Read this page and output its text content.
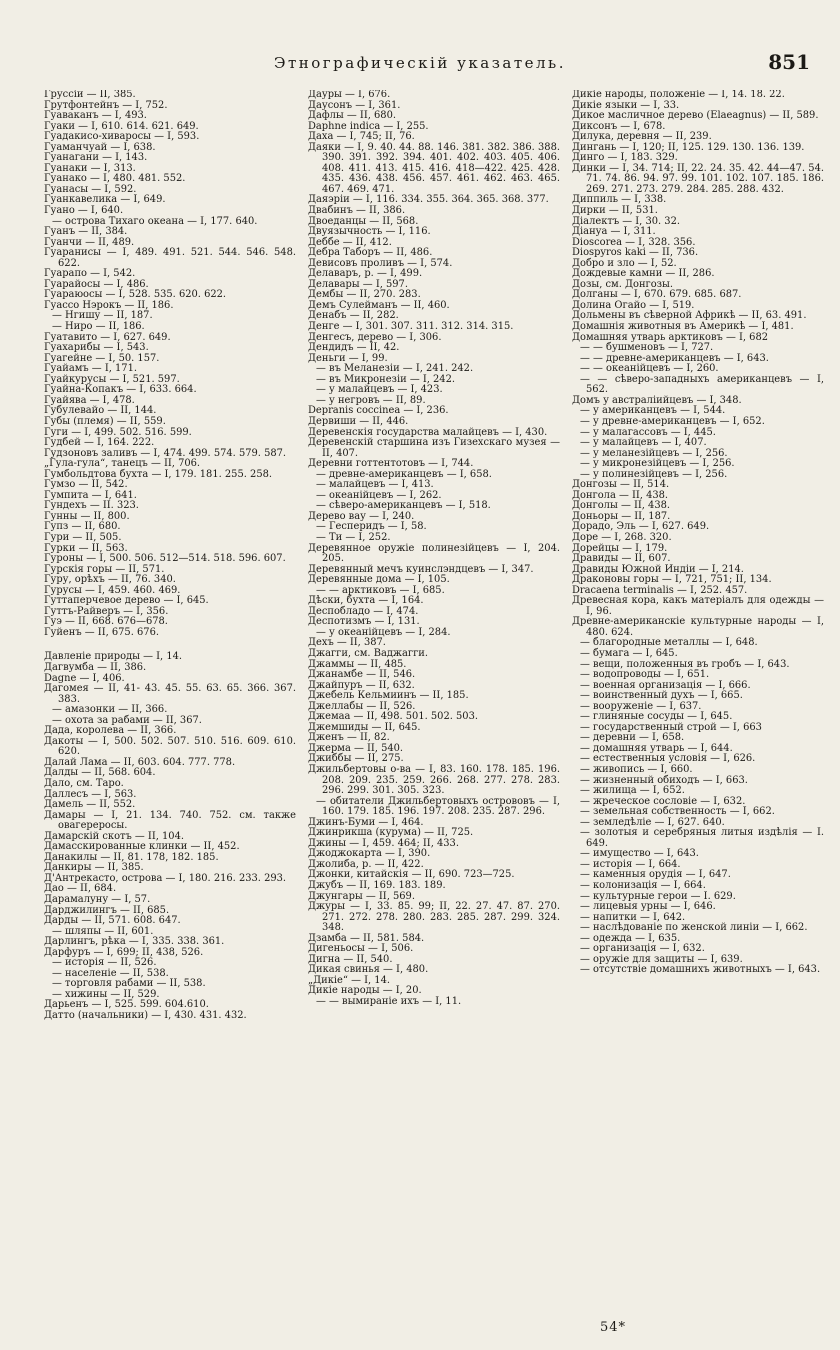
Этнографическій указатель.	851
Груссіи — II, 385.
Грутфонтейнъ — I, 752.
Гуаваканъ — I, 493.
Гуаки — I, 610. 614. 621. 649.
Гуадакисо-хиваросы — I, 593.
Гуаманчуай — I, 638.
Гуанагани — I, 143.
Гуанаки — I, 313.
Гуанако — I, 480. 481. 552.
Гуанасы — I, 592.
Гуанкавелика — I, 649.
Гуано — I, 640.
— острова Тихаго океана — I, 177. 640.
Гуанъ — II, 384.
Гуанчи — II, 489.
Гуаранисы — I, 489. 491. 521. 544. 546. 548. 622.
Гуарапо — I, 542.
Гуарайосы — I, 486.
Гуараюосы — I, 528. 535. 620. 622.
Гуассо Нэрокъ — II, 186.
— Нгишу — II, 187.
— Ниро — II, 186.
Гуатавито — I, 627. 649.
Гуахарибы — I, 543.
Гуагейне — I, 50. 157.
Гуайамъ — I, 171.
Гуайкурусы — I, 521. 597.
Гуайна-Копакъ — I, 633. 664.
Гуайява — I, 478.
Губулевайо — II, 144.
Губы (племя) — II, 559.
Гуги — I, 499. 502. 516. 599.
Гудбей — I, 164. 222.
Гудзоновъ заливъ — I, 474. 499. 574. 579. 587.
„Гула-гула“, танецъ — II, 706.
Гумбольдтова бухта — I, 179. 181. 255. 258.
Гумзо — II, 542.
Гумпита — I, 641.
Гундехъ — II. 323.
Гунны — II, 800.
Гупз — II, 680.
Гури — II, 505.
Гурки — II, 563.
Гуроны — I, 500. 506. 512—514. 518. 596. 607.
Гурскія горы — II, 571.
Гуру, орѣхъ — II, 76. 340.
Гурусы — I, 459. 460. 469.
Гуттаперчевое дерево — I, 645.
Гуттъ-Райверъ — I, 356.
Гуэ — II, 668. 676—678.
Гуйенъ — II, 675. 676.
Давленіе природы — I, 14.
Дагвумба — II, 386.
Dagne — I, 406.
Дагомея — II, 41- 43. 45. 55. 63. 65. 366. 367. 383.
— амазонки — II, 366.
— охота за рабами — II, 367.
Дада, королева — II, 366.
Дакоты — I, 500. 502. 507. 510. 516. 609. 610. 620.
Далай Лама — II, 603. 604. 777. 778.
Далды — II, 568. 604.
Дало, см. Таро.
Даллесъ — I, 563.
Дамель — II, 552.
Дамары — I, 21. 134. 740. 752. см. также овагереросы.
Дамарскій скотъ — II, 104.
Дамасскированные клинки — II, 452.
Данакилы — II, 81. 178, 182. 185.
Данкиры — II, 385.
Д'Антрекасто, острова — I, 180. 216. 233. 293.
Дао — II, 684.
Дарамалуну — I, 57.
Дарджилингъ — II, 685.
Дарды — II, 571. 608. 647.
— шляпы — II, 601.
Дарлингъ, рѣка — I, 335. 338. 361.
Дарфуръ — I, 699; II, 438, 526.
— исторія — II, 526.
— населеніе — II, 538.
— торговля рабами — II, 538.
— хижины — II, 529.
Дарьенъ — I, 525. 599. 604.610.
Датто (начальники) — I, 430. 431. 432.
Дауры — I, 676.
Даусонъ — I, 361.
Дафлы — II, 680.
Daphne indica — I, 255.
Даха — I, 745; II, 76.
Даяки — I, 9. 40. 44. 88. 146. 381. 382. 386. 388. 390. 391. 392. 394. 401. 402. 403. 405. 406. 408. 411. 413. 415. 416. 418—422. 425. 428. 435. 436. 438. 456. 457. 461. 462. 463. 465. 467. 469. 471.
Даяэріи — I, 116. 334. 355. 364. 365. 368. 377.
Двабинъ — II, 386.
Двоеданцы — II, 568.
Двуязычность — I, 116.
Деббе — II, 412.
Дебра Таборъ — II, 486.
Девисовъ проливъ — I, 574.
Делаваръ, р. — I, 499.
Делавары — I, 597.
Дембы — II, 270. 283.
Демъ Сулейманъ — II, 460.
Денабъ — II, 282.
Денге — I, 301. 307. 311. 312. 314. 315.
Денгесъ, дерево — I, 306.
Дендидъ — II, 42.
Деньги — I, 99.
— въ Меланезіи — I, 241. 242.
— въ Микронезіи — I, 242.
— у малайцевъ — I, 423.
— у негровъ — II, 89.
Depranis coccinea — I, 236.
Дервиши — II, 446.
Деревенскія государства малайцевъ — I, 430.
Деревенскій старшина изъ Гизехскаго музея — II, 407.
Деревни готтентотовъ — I, 744.
— древне-американцевъ — I, 658.
— малайцевъ — I, 413.
— океанійцевъ — I, 262.
— сѣверо-американцевъ — I, 518.
Дерево вау — I, 240.
— Гесперидъ — I, 58.
— Ти — I, 252.
Деревянное оружіе полинезійцевъ — I, 204. 205.
Деревянный мечъ куинслэндцевъ — I, 347.
Деревянные дома — I, 105.
— — арктиковъ — I, 685.
Дѣски, бухта — I, 164.
Деспобладо — I, 474.
Деспотизмъ — I, 131.
— у океанійцевъ — I, 284.
Дехъ — II, 387.
Джагги, см. Ваджагги.
Джаммы — II, 485.
Джанамбе — II, 546.
Джайпуръ — II, 632.
Джебель Кельмиинъ — II, 185.
Джеллабы — II, 526.
Джемаа — II, 498. 501. 502. 503.
Джемшиды — II, 645.
Дженъ — II, 82.
Джерма — II, 540.
Джиббы — II, 275.
Джильбертовы о-ва — I, 83. 160. 178. 185. 196. 208. 209. 235. 259. 266. 268. 277. 278. 283. 296. 299. 301. 305. 323.
— обитатели Джильбертовыхъ острововъ — I, 160. 179. 185. 196. 197. 208. 235. 287. 296.
Джинъ-Буми — I, 464.
Джинрикша (курума) — II, 725.
Джины — I, 459. 464; II, 433.
Джоджокарта — I, 390.
Джолиба, р. — II, 422.
Джонки, китайскія — II, 690. 723—725.
Джубъ — II, 169. 183. 189.
Джунгары — II, 569.
Джуры — I, 33. 85. 99; II, 22. 27. 47. 87. 270. 271. 272. 278. 280. 283. 285. 287. 299. 324. 348.
Дзамба — II, 581. 584.
Дигеньосы — I, 506.
Дигна — II, 540.
Дикая свинья — I, 480.
„Дикіе“ — I, 14.
Дикіе народы — I, 20.
— — вымираніе ихъ — I, 11.
Дикіе народы, положеніе — I, 14. 18. 22.
Дикіе языки — I, 33.
Дикое масличное дерево (Elaeagnus) — II, 589.
Диксонъ — I, 678.
Дилука, деревня — II, 239.
Дингань — I, 120; II, 125. 129. 130. 136. 139.
Динго — I, 183. 329.
Динки — I, 34. 714; II, 22. 24. 35. 42. 44—47. 54. 71. 74. 86. 94. 97. 99. 101. 102. 107. 185. 186. 269. 271. 273. 279. 284. 285. 288. 432.
Диппиль — I, 338.
Дирки — II, 531.
Діалектъ — I, 30. 32.
Діануа — I, 311.
Dioscorea — I, 328. 356.
Diospyros kaki — II, 736.
Добро и зло — I, 52.
Дождевые камни — II, 286.
Дозы, см. Донгозы.
Долганы — I, 670. 679. 685. 687.
Долина Огайо — I, 519.
Дольмены въ сѣверной Африкѣ — II, 63. 491.
Домашнія животныя въ Америкѣ — I, 481.
Домашняя утварь арктиковъ — I, 682
— — бушменовъ — I, 727.
— — древне-американцевъ — I, 643.
— — океанійцевъ — I, 260.
— — сѣверо-западныхъ американцевъ — I, 562.
Домъ у австраліийцевъ — I, 348.
— у американцевъ — I, 544.
— у древне-американцевъ — I, 652.
— у малагассовъ — I, 445.
— у малайцевъ — I, 407.
— у меланезійцевъ — I, 256.
— у микронезійцевъ — I, 256.
— у полинезійцевъ — I, 256.
Донгозы — II, 514.
Донгола — II, 438.
Донголы — II, 438.
Доньоры — II, 187.
Дорадо, Эль — I, 627. 649.
Доре — I, 268. 320.
Дорейцы — I, 179.
Дравиды — II, 607.
Дравиды Южной Индіи — I, 214.
Драконовы горы — I, 721, 751; II, 134.
Dracaena terminalis — I, 252. 457.
Древесная кора, какъ матеріалъ для одежды — I, 96.
Древне-американскіе культурные народы — I, 480. 624.
— благородные металлы — I, 648.
— бумага — I, 645.
— вещи, положенныя въ гробъ — I, 643.
— водопроводы — I, 651.
— военная организація — I, 666.
— воинственный духъ — I, 665.
— вооруженіе — I, 637.
— глиняные сосуды — I, 645.
— государственный строй — I, 663
— деревни — I, 658.
— домашняя утварь — I, 644.
— естественныя условія — I, 626.
— живопись — I, 660.
— жизненный обиходъ — I, 663.
— жилища — I, 652.
— жреческое сословіе — I, 632.
— земельная собственность — I, 662.
— земледѣліе — I, 627. 640.
— золотыя и серебряныя литыя издѣлія — I. 649.
— имущество — I, 643.
— исторія — I, 664.
— каменныя орудія — I, 647.
— колонизація — I, 664.
— культурные герои — I. 629.
— лицевыя урны — I, 646.
— напитки — I, 642.
— наслѣдованіе по женской линіи — I, 662.
— одежда — I, 635.
— организація — I, 632.
— оружіе для защиты — I, 639.
— отсутствіе домашнихъ животныхъ — I, 643.
54*
